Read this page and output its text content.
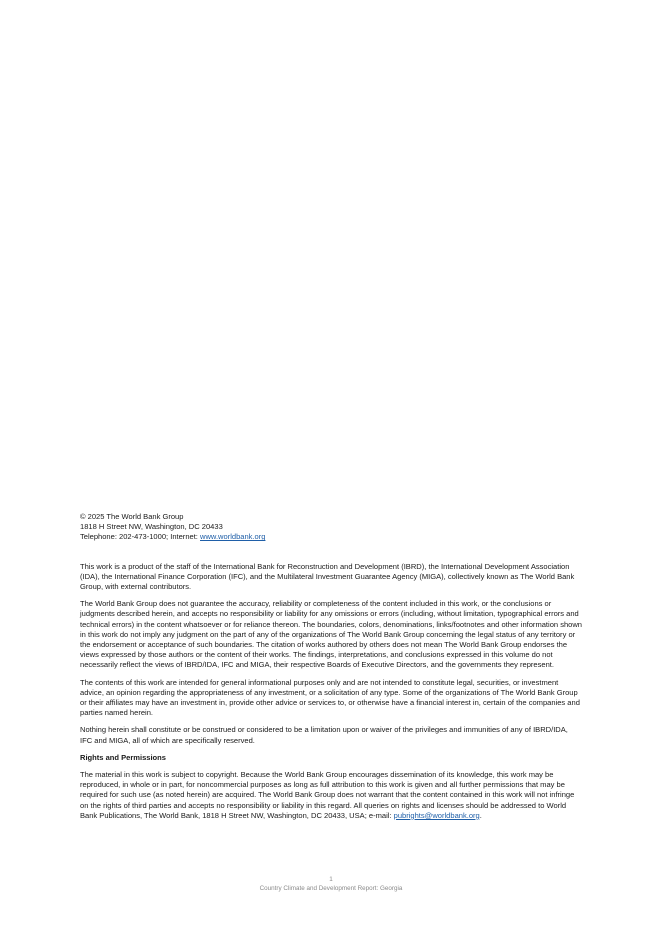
© 2025 The World Bank Group

1818 H Street NW, Washington, DC 20433

Telephone: 202-473-1000; Internet: www.worldbank.org

This work is a product of the staff of the International Bank for Reconstruction and Development (IBRD), the International Development Association (IDA), the International Finance Corporation (IFC), and the Multilateral Investment Guarantee Agency (MIGA), collectively known as The World Bank Group, with external contributors.

The World Bank Group does not guarantee the accuracy, reliability or completeness of the content included in this work, or the conclusions or judgments described herein, and accepts no responsibility or liability for any omissions or errors (including, without limitation, typographical errors and technical errors) in the content whatsoever or for reliance thereon. The boundaries, colors, denominations, links/footnotes and other information shown in this work do not imply any judgment on the part of any of the organizations of The World Bank Group concerning the legal status of any territory or the endorsement or acceptance of such boundaries. The citation of works authored by others does not mean The World Bank Group endorses the views expressed by those authors or the content of their works. The findings, interpretations, and conclusions expressed in this volume do not necessarily reflect the views of IBRD/IDA, IFC and MIGA, their respective Boards of Executive Directors, and the governments they represent.

The contents of this work are intended for general informational purposes only and are not intended to constitute legal, securities, or investment advice, an opinion regarding the appropriateness of any investment, or a solicitation of any type. Some of the organizations of The World Bank Group or their affiliates may have an investment in, provide other advice or services to, or otherwise have a financial interest in, certain of the companies and parties named herein.

Nothing herein shall constitute or be construed or considered to be a limitation upon or waiver of the privileges and immunities of any of IBRD/IDA, IFC and MIGA, all of which are specifically reserved.

Rights and Permissions

The material in this work is subject to copyright. Because the World Bank Group encourages dissemination of its knowledge, this work may be reproduced, in whole or in part, for noncommercial purposes as long as full attribution to this work is given and all further permissions that may be required for such use (as noted herein) are acquired. The World Bank Group does not warrant that the content contained in this work will not infringe on the rights of third parties and accepts no responsibility or liability in this regard. All queries on rights and licenses should be addressed to World Bank Publications, The World Bank, 1818 H Street NW, Washington, DC 20433, USA; e-mail: pubrights@worldbank.org.

1
Country Climate and Development Report: Georgia
